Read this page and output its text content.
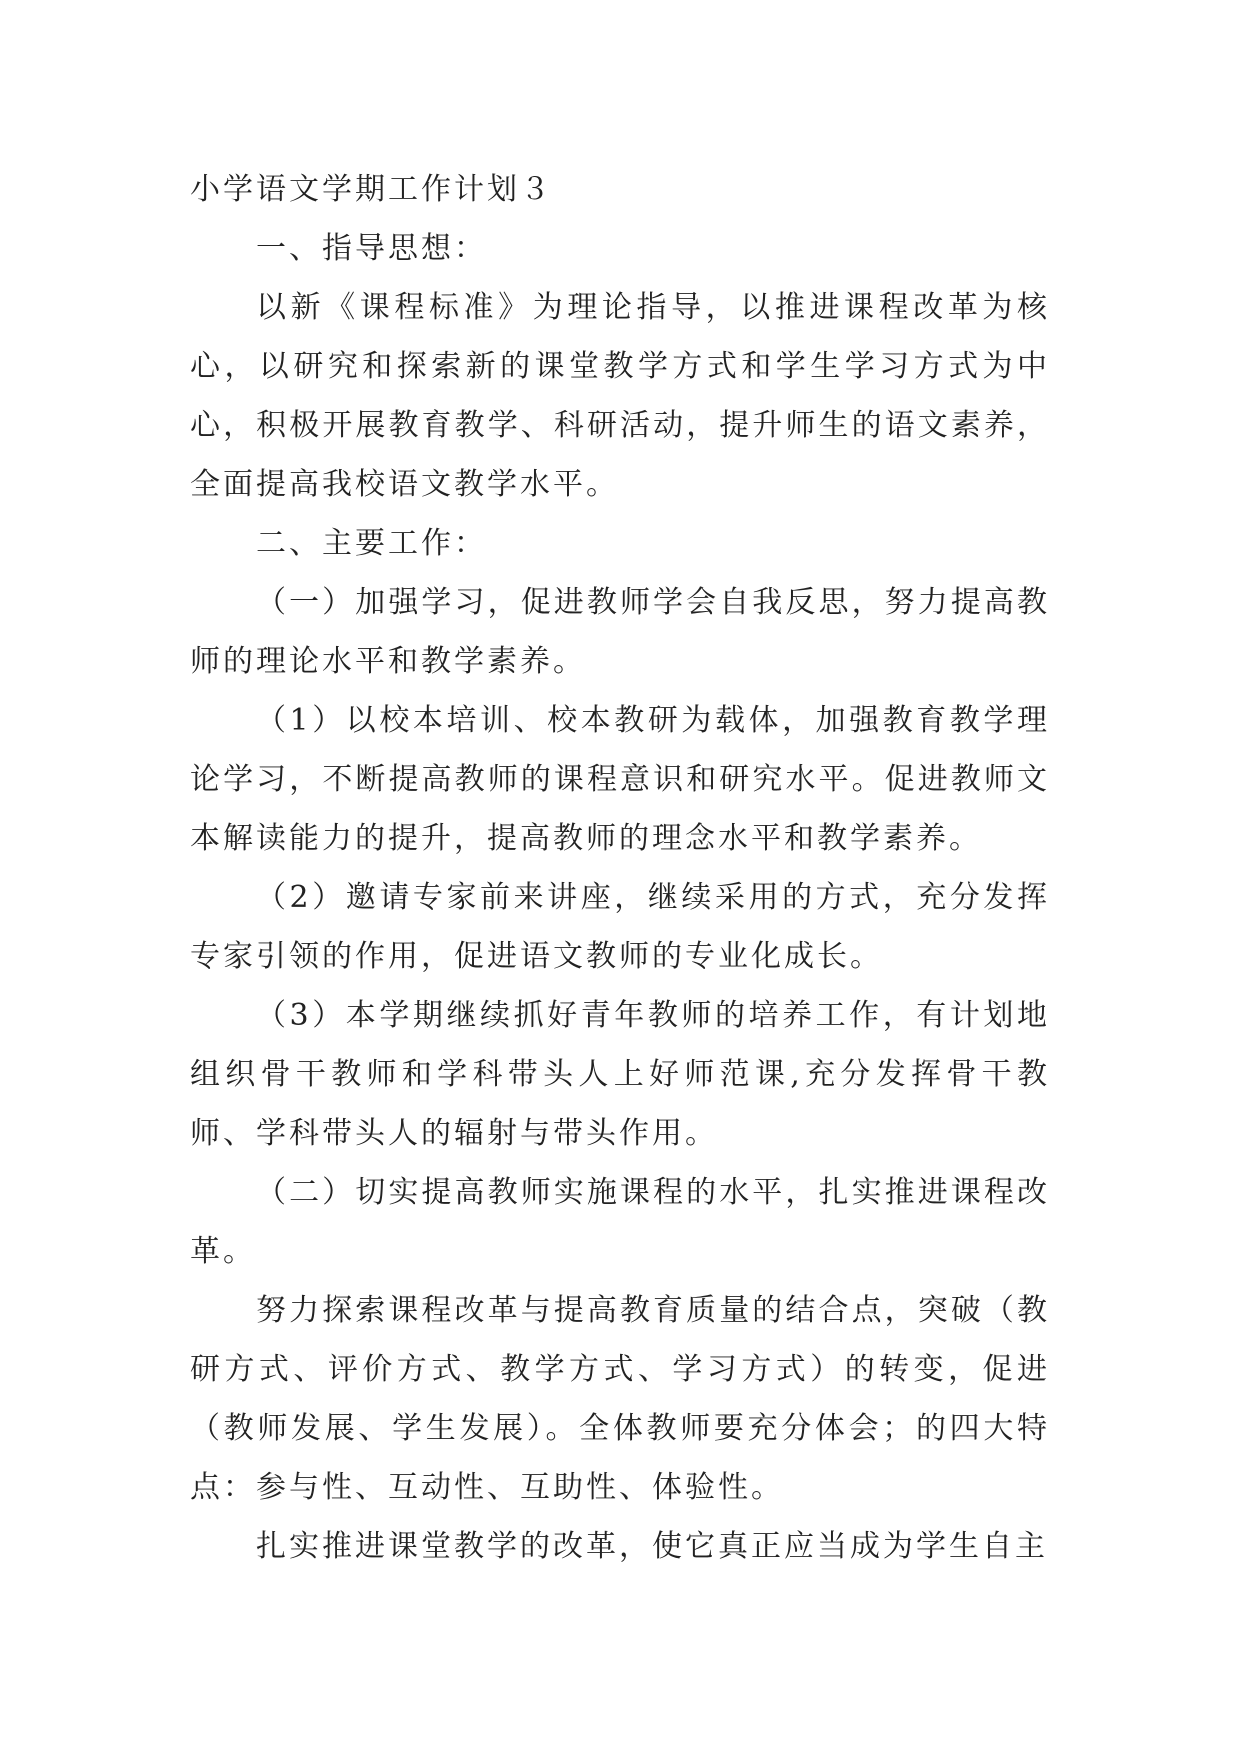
小学语文学期工作计划３

一、指导思想：

以新《课程标准》为理论指导，以推进课程改革为核心，以研究和探索新的课堂教学方式和学生学习方式为中心，积极开展教育教学、科研活动，提升师生的语文素养，全面提高我校语文教学水平。

二、主要工作：

（一）加强学习，促进教师学会自我反思，努力提高教师的理论水平和教学素养。

（1）以校本培训、校本教研为载体，加强教育教学理论学习，不断提高教师的课程意识和研究水平。促进教师文本解读能力的提升，提高教师的理念水平和教学素养。

（2）邀请专家前来讲座，继续采用的方式，充分发挥专家引领的作用，促进语文教师的专业化成长。

（3）本学期继续抓好青年教师的培养工作，有计划地组织骨干教师和学科带头人上好师范课,充分发挥骨干教师、学科带头人的辐射与带头作用。

（二）切实提高教师实施课程的水平，扎实推进课程改革。

努力探索课程改革与提高教育质量的结合点，突破（教研方式、评价方式、教学方式、学习方式）的转变，促进（教师发展、学生发展）。全体教师要充分体会；的四大特点：参与性、互动性、互助性、体验性。

扎实推进课堂教学的改革，使它真正应当成为学生自主
